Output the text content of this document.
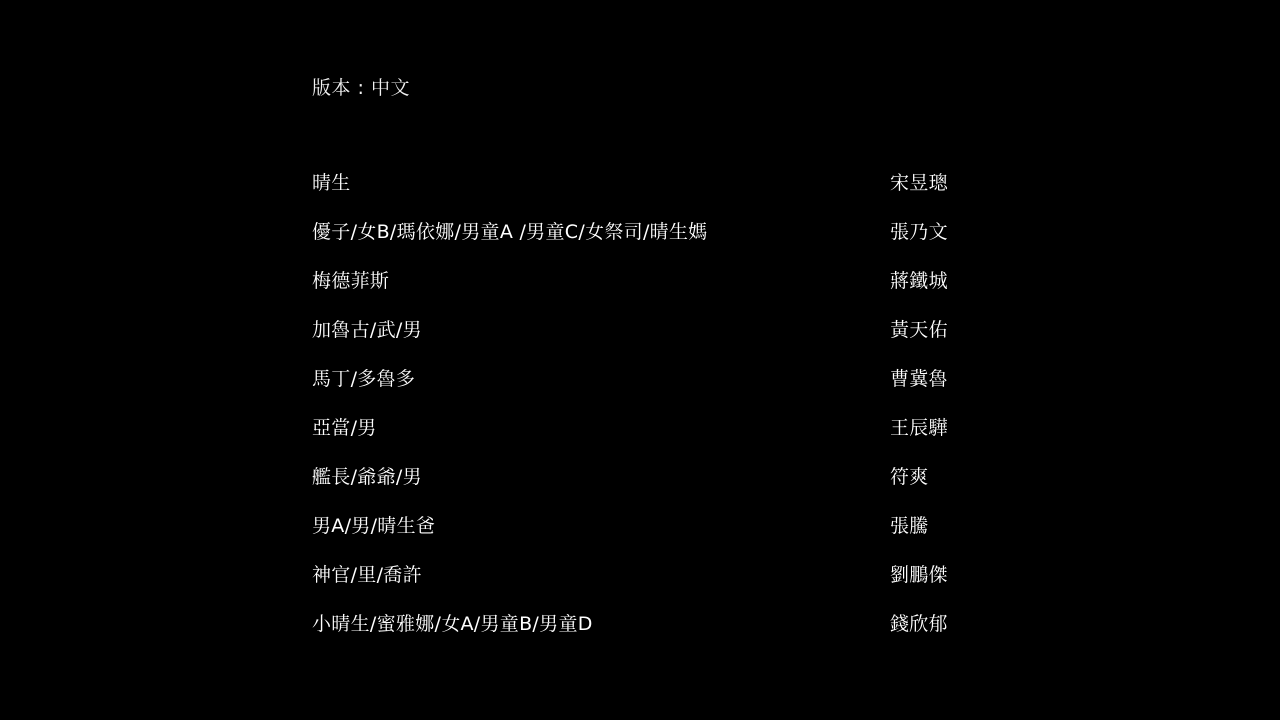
版本 : 中文
晴生	宋昱璁
優子/女B/瑪依娜/男童A /男童C/女祭司/晴生媽	張乃文
梅德菲斯	蔣鐵城
加魯古/武/男	黃天佑
馬丁/多魯多	曹冀魯
亞當/男	王辰驊
艦長/爺爺/男	符爽
男A/男/晴生爸	張騰
神官/里/喬許	劉鵬傑
小晴生/蜜雅娜/女A/男童B/男童D	錢欣郁
